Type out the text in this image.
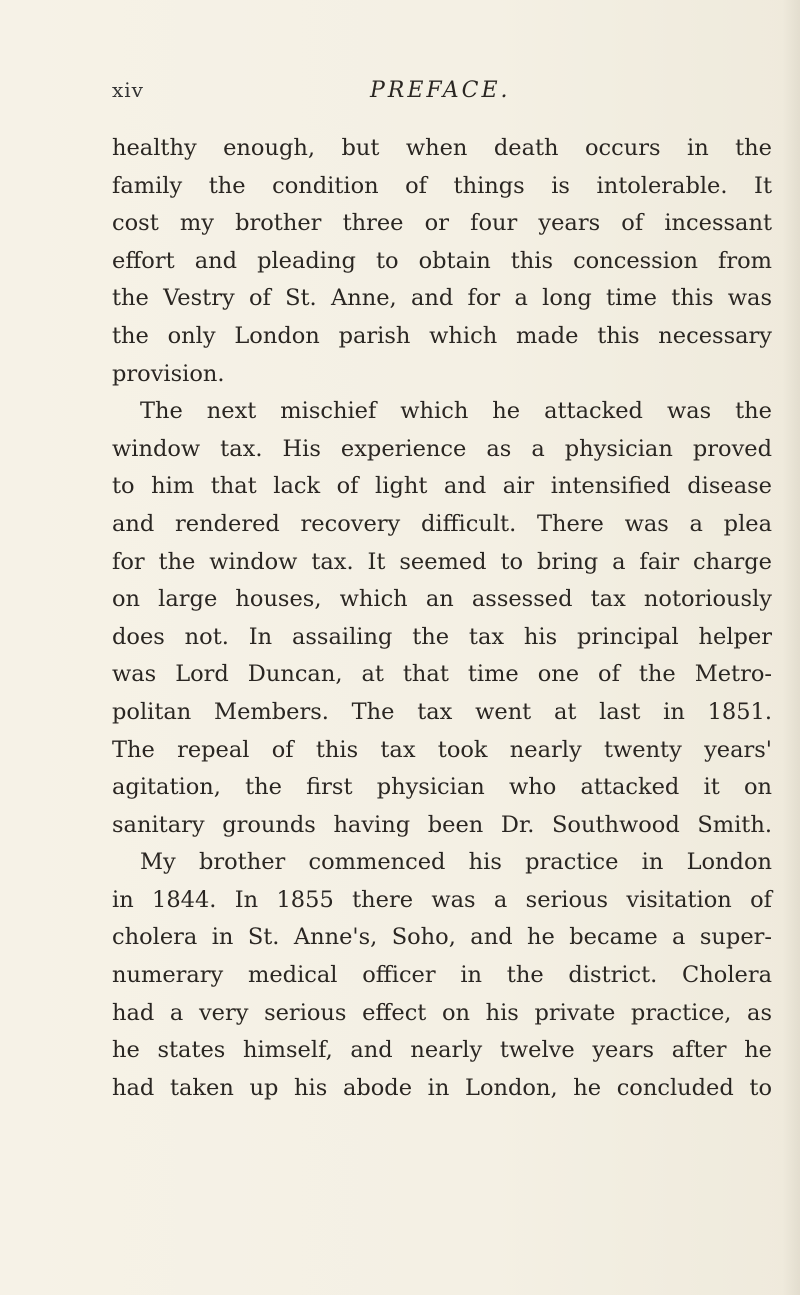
xiv	PREFACE.
healthy enough, but when death occurs in the
family the condition of things is intolerable. It
cost my brother three or four years of incessant
effort and pleading to obtain this concession from
the Vestry of St. Anne, and for a long time this was
the only London parish which made this necessary
provision.
The next mischief which he attacked was the
window tax. His experience as a physician proved
to him that lack of light and air intensified disease
and rendered recovery difficult. There was a plea
for the window tax. It seemed to bring a fair charge
on large houses, which an assessed tax notoriously
does not. In assailing the tax his principal helper
was Lord Duncan, at that time one of the Metro-
politan Members. The tax went at last in 1851.
The repeal of this tax took nearly twenty years'
agitation, the first physician who attacked it on
sanitary grounds having been Dr. Southwood Smith.
My brother commenced his practice in London
in 1844. In 1855 there was a serious visitation of
cholera in St. Anne's, Soho, and he became a super-
numerary medical officer in the district. Cholera
had a very serious effect on his private practice, as
he states himself, and nearly twelve years after he
had taken up his abode in London, he concluded to
